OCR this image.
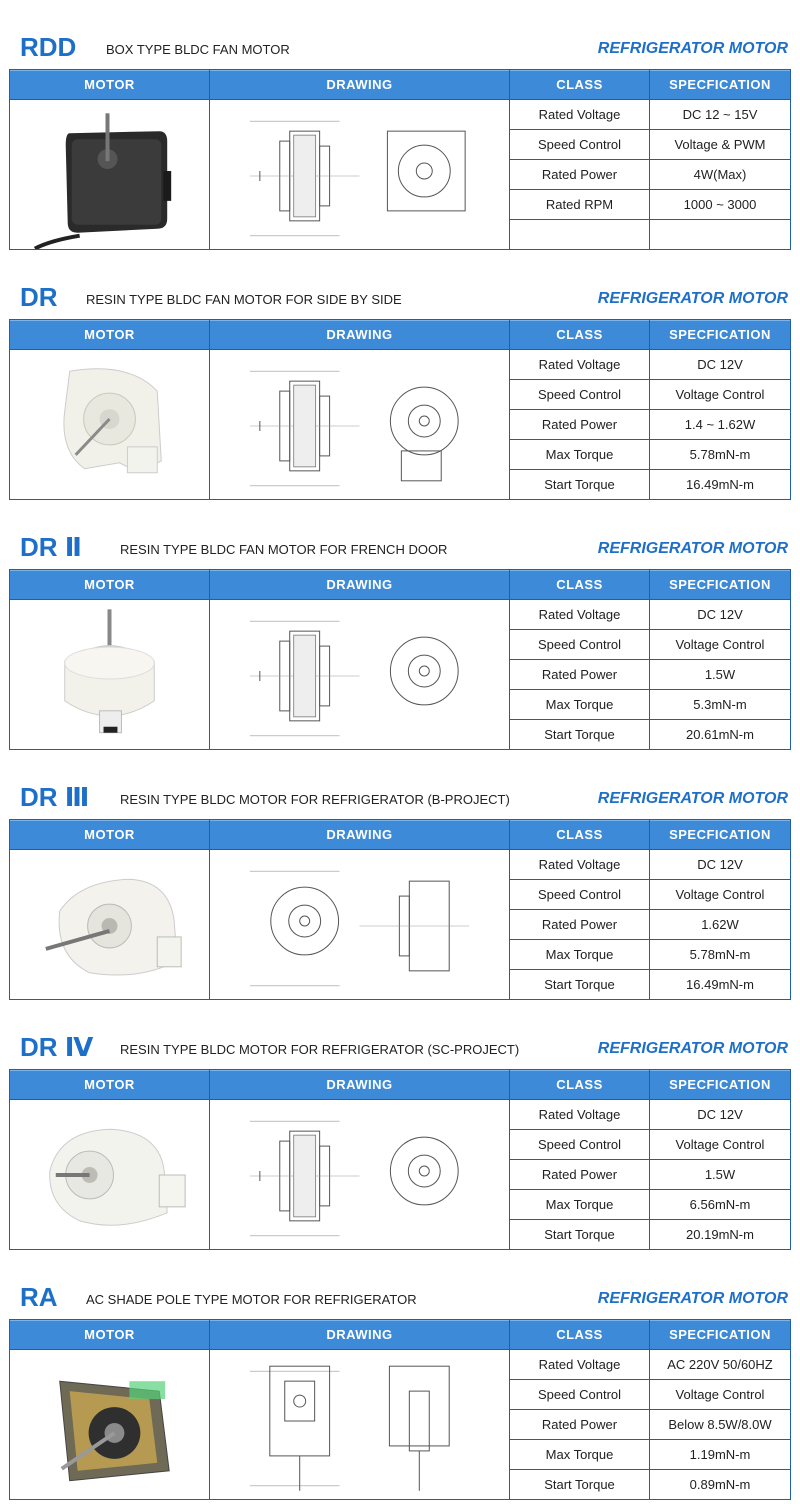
RDD BOX TYPE BLDC FAN MOTOR	REFRIGERATOR MOTOR
MOTOR	DRAWING	CLASS	SPECFICATION

	Rated Voltage	DC 12 ~ 15V
		Speed Control	Voltage & PWM
		Rated Power	4W(Max)
		Rated RPM	1000 ~ 3000

DR RESIN TYPE BLDC FAN MOTOR FOR SIDE BY SIDE	REFRIGERATOR MOTOR
MOTOR	DRAWING	CLASS	SPECFICATION

	Rated Voltage	DC 12V
		Speed Control	Voltage Control
		Rated Power	1.4 ~ 1.62W
		Max Torque	5.78mN-m
		Start Torque	16.49mN-m
DR Ⅱ	RESIN TYPE BLDC FAN MOTOR FOR FRENCH DOOR	REFRIGERATOR MOTOR
MOTOR	DRAWING	CLASS	SPECFICATION

	Rated Voltage	DC 12V
		Speed Control	Voltage Control
		Rated Power	1.5W
		Max Torque	5.3mN-m
		Start Torque	20.61mN-m
DR Ⅲ RESIN TYPE BLDC MOTOR FOR REFRIGERATOR (B-PROJECT)	REFRIGERATOR MOTOR
MOTOR	DRAWING	CLASS	SPECFICATION

	Rated Voltage	DC 12V
		Speed Control	Voltage Control
		Rated Power	1.62W
		Max Torque	5.78mN-m
		Start Torque	16.49mN-m
DR Ⅳ RESIN TYPE BLDC MOTOR FOR REFRIGERATOR (SC-PROJECT)	REFRIGERATOR MOTOR
MOTOR	DRAWING	CLASS	SPECFICATION

	Rated Voltage	DC 12V
		Speed Control	Voltage Control
		Rated Power	1.5W
		Max Torque	6.56mN-m
		Start Torque	20.19mN-m
RA AC SHADE POLE TYPE MOTOR FOR REFRIGERATOR	REFRIGERATOR MOTOR
MOTOR	DRAWING	CLASS	SPECFICATION

	Rated Voltage	AC 220V 50/60HZ
		Speed Control	Voltage Control
		Rated Power	Below 8.5W/8.0W
		Max Torque	1.19mN-m
		Start Torque	0.89mN-m
